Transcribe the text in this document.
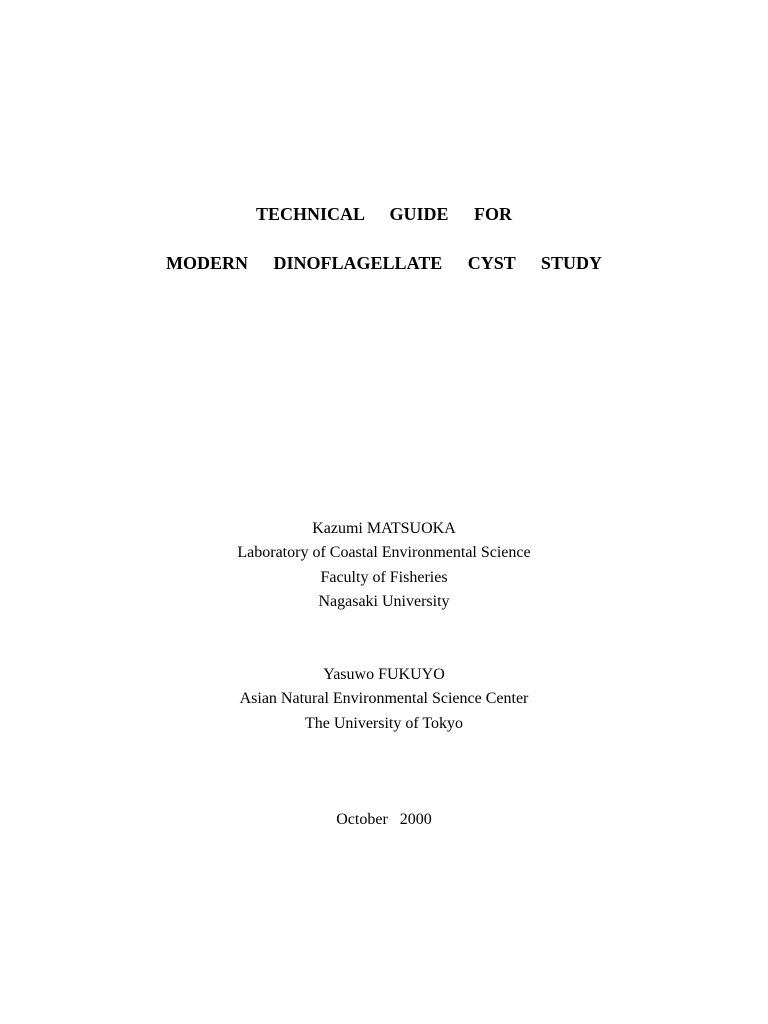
TECHNICAL   GUIDE   FOR
MODERN   DINOFLAGELLATE   CYST   STUDY
Kazumi MATSUOKA
Laboratory of Coastal Environmental Science
Faculty of Fisheries
Nagasaki University
Yasuwo FUKUYO
Asian Natural Environmental Science Center
The University of Tokyo
October   2000
